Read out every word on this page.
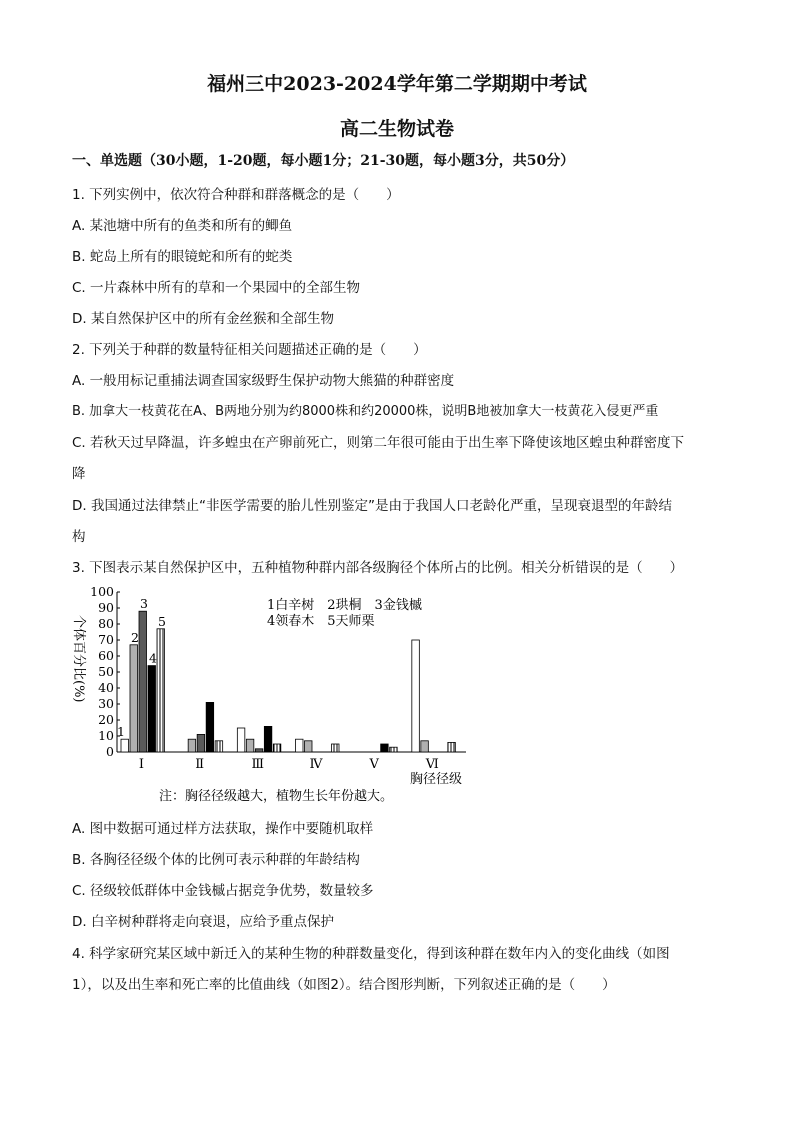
福州三中2023-2024学年第二学期期中考试
高二生物试卷
一、单选题（30小题，1-20题，每小题1分；21-30题，每小题3分，共50分）
1. 下列实例中，依次符合种群和群落概念的是（　　）
A. 某池塘中所有的鱼类和所有的鲫鱼
B. 蛇岛上所有的眼镜蛇和所有的蛇类
C. 一片森林中所有的草和一个果园中的全部生物
D. 某自然保护区中的所有金丝猴和全部生物
2. 下列关于种群的数量特征相关问题描述正确的是（　　）
A. 一般用标记重捕法调查国家级野生保护动物大熊猫的种群密度
B. 加拿大一枝黄花在A、B两地分别为约8000株和约20000株，说明B地被加拿大一枝黄花入侵更严重
C. 若秋天过早降温，许多蝗虫在产卵前死亡，则第二年很可能由于出生率下降使该地区蝗虫种群密度下
降
D. 我国通过法律禁止“非医学需要的胎儿性别鉴定”是由于我国人口老龄化严重，呈现衰退型的年龄结
构
3. 下图表示某自然保护区中，五种植物种群内部各级胸径个体所占的比例。相关分析错误的是（　　）
0
10
20
30
40
50
60
70
80
90
100
Ⅰ	Ⅱ	Ⅲ	Ⅳ	Ⅴ	Ⅵ
1
2
3
4
5
1白辛树　2珙桐　3金钱槭
4领春木　5天师栗
胸径径级
个体百分比(%)
注：胸径径级越大，植物生长年份越大。
A. 图中数据可通过样方法获取，操作中要随机取样
B. 各胸径径级个体的比例可表示种群的年龄结构
C. 径级较低群体中金钱槭占据竞争优势，数量较多
D. 白辛树种群将走向衰退，应给予重点保护
4. 科学家研究某区域中新迁入的某种生物的种群数量变化，得到该种群在数年内入的变化曲线（如图
1），以及出生率和死亡率的比值曲线（如图2）。结合图形判断，下列叙述正确的是（　　）
